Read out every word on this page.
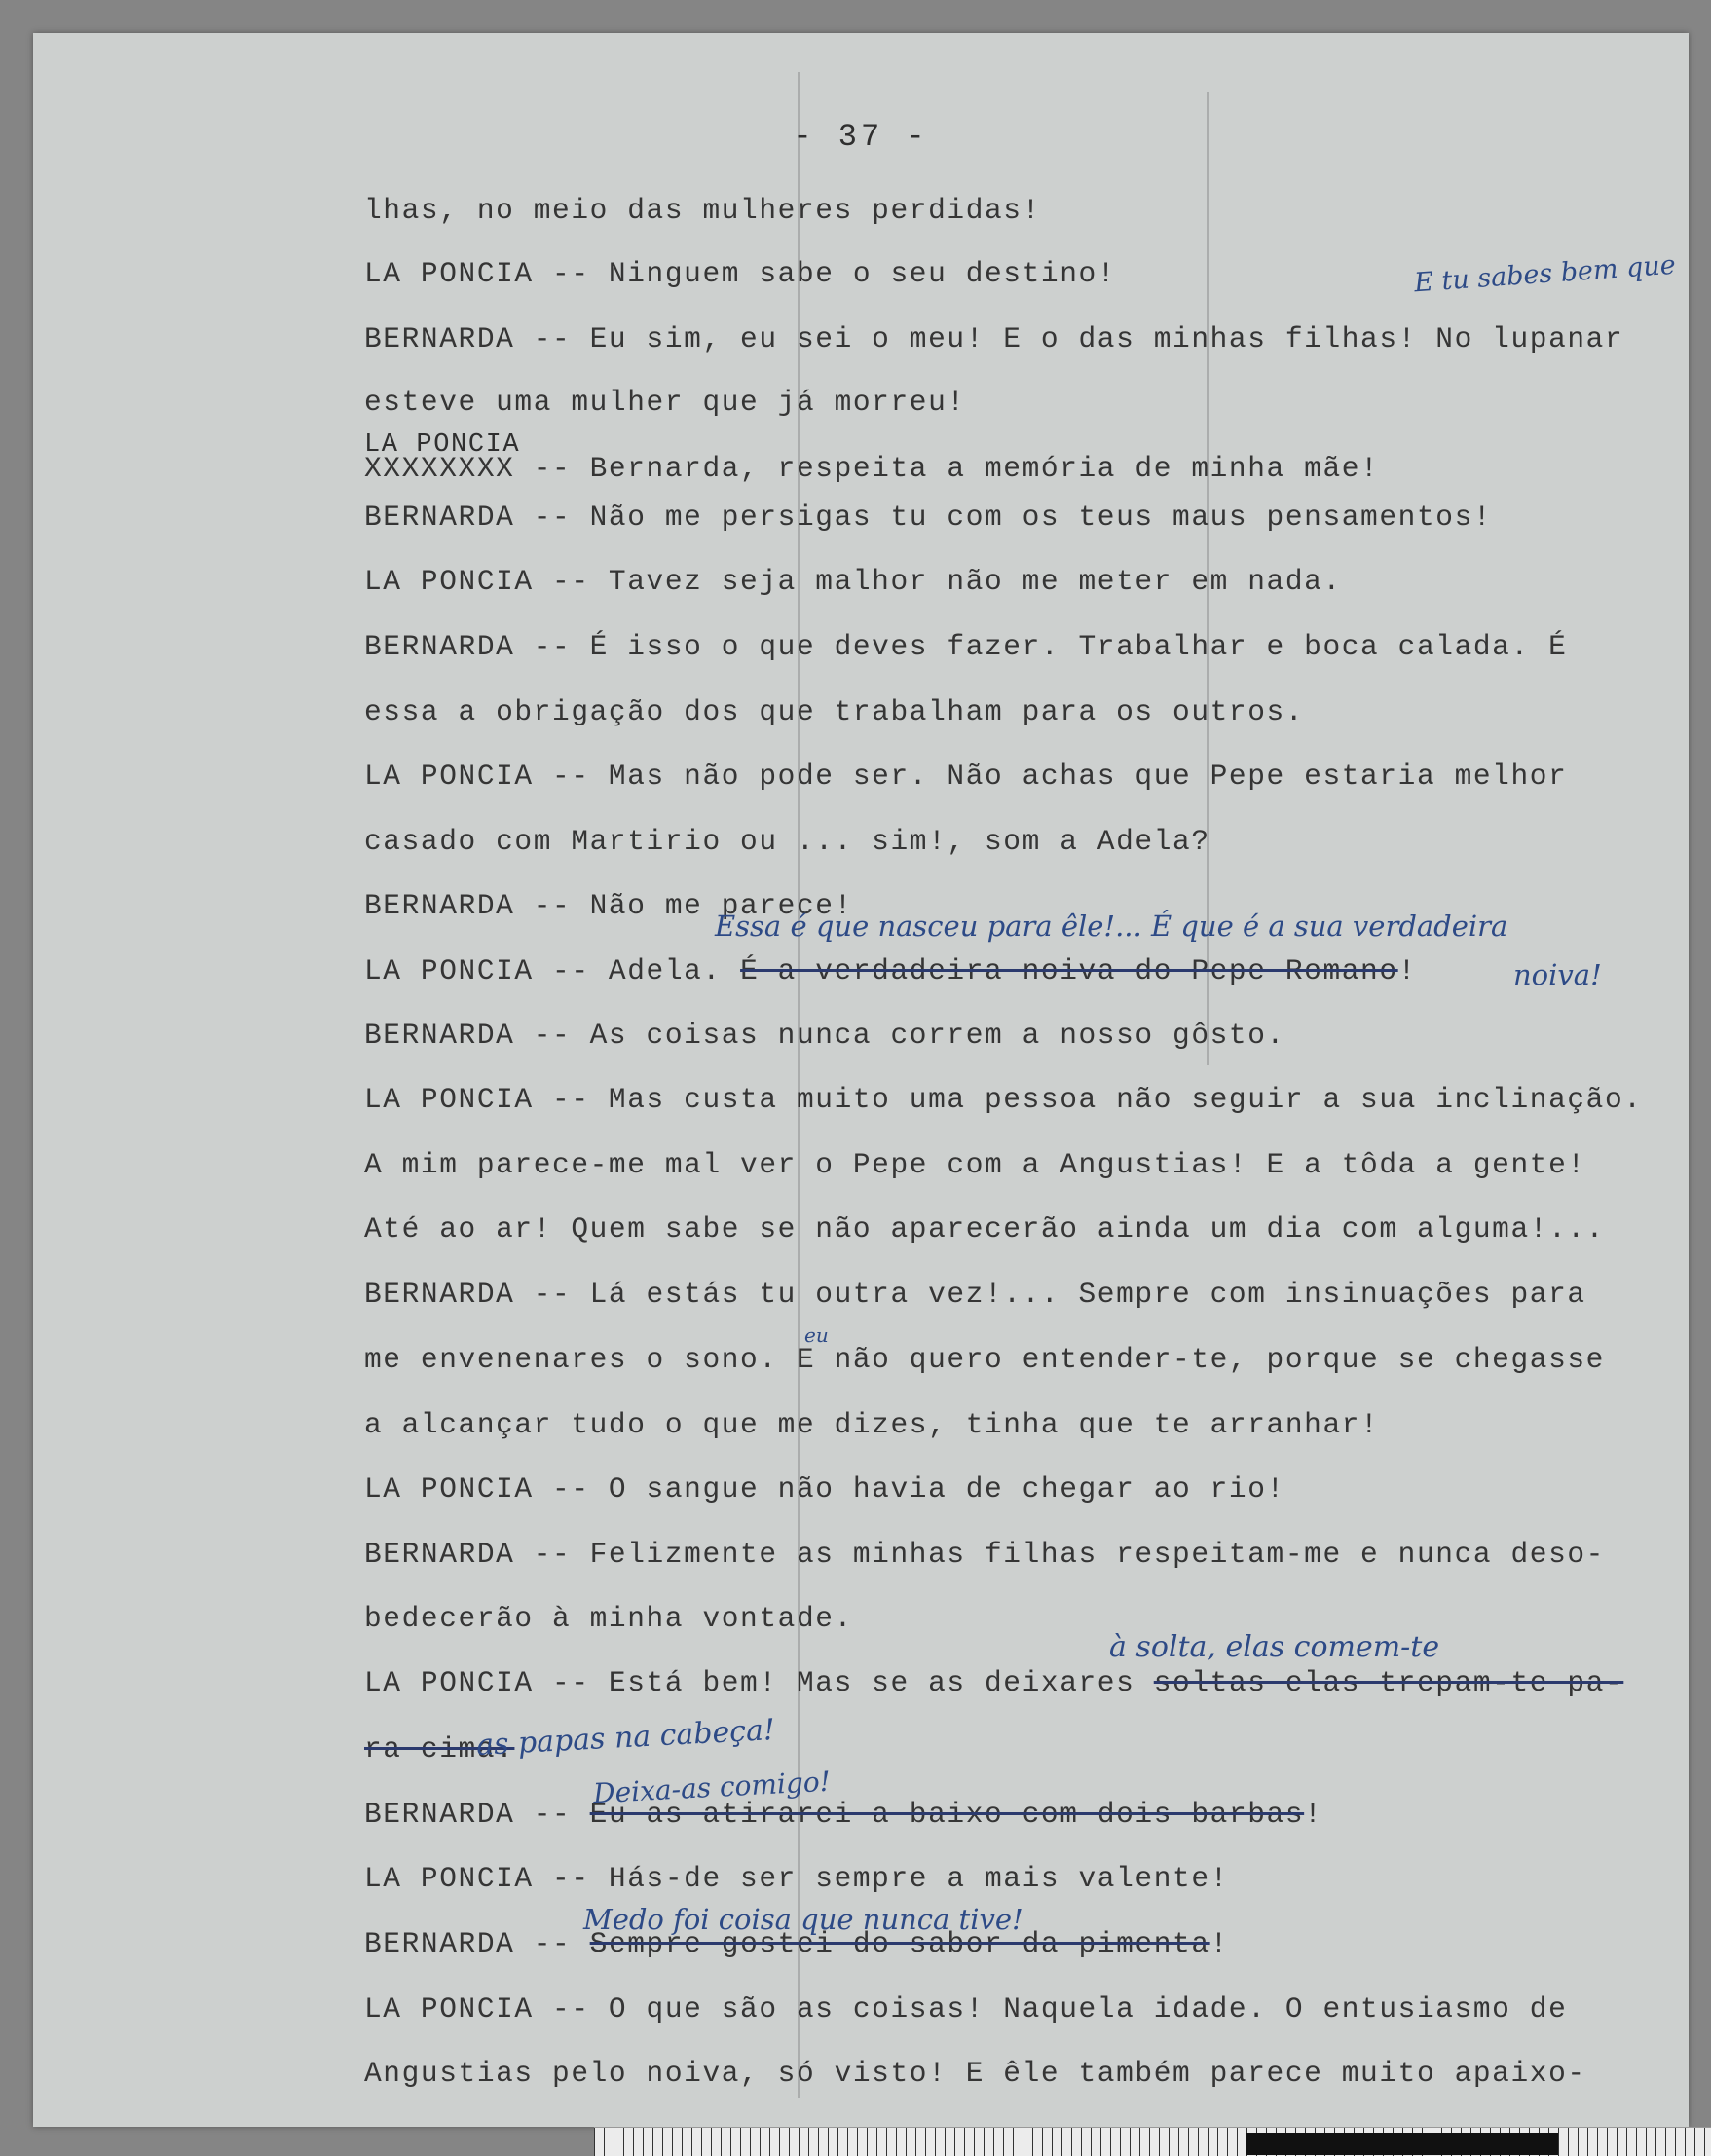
- 37 -
lhas, no meio das mulheres perdidas!
LA PONCIA -- Ninguem sabe o seu destino!
BERNARDA -- Eu sim, eu sei o meu! E o das minhas filhas! No lupanar
esteve uma mulher que já morreu!
XXXXXXXX -- Bernarda, respeita a memória de minha mãe!
BERNARDA -- Não me persigas tu com os teus maus pensamentos!
LA PONCIA -- Tavez seja malhor não me meter em nada.
BERNARDA -- É isso o que deves fazer. Trabalhar e boca calada. É
essa a obrigação dos que trabalham para os outros.
LA PONCIA -- Mas não pode ser. Não achas que Pepe estaria melhor
casado com Martirio ou ... sim!, som a Adela?
BERNARDA -- Não me parece!
LA PONCIA -- Adela. É a verdadeira noiva do Pepe Romano!
BERNARDA -- As coisas nunca correm a nosso gôsto.
LA PONCIA -- Mas custa muito uma pessoa não seguir a sua inclinação.
A mim parece-me mal ver o Pepe com a Angustias! E a tôda a gente!
Até ao ar! Quem sabe se não aparecerão ainda um dia com alguma!...
BERNARDA -- Lá estás tu outra vez!... Sempre com insinuações para
me envenenares o sono. E não quero entender-te, porque se chegasse
a alcançar tudo o que me dizes, tinha que te arranhar!
LA PONCIA -- O sangue não havia de chegar ao rio!
BERNARDA -- Felizmente as minhas filhas respeitam-me e nunca deso-
bedecerão à minha vontade.
LA PONCIA -- Está bem! Mas se as deixares soltas elas trepam-te pa-
ra cima.
BERNARDA -- Eu as atirarei a baixo com dois barbas!
LA PONCIA -- Hás-de ser sempre a mais valente!
BERNARDA -- Sempre gostei do sabor da pimenta!
LA PONCIA -- O que são as coisas! Naquela idade. O entusiasmo de
Angustias pelo noiva, só visto! E êle também parece muito apaixo-
E tu sabes bem que
LA PONCIA
Essa é que nasceu para êle!... É que é a sua verdadeira
noiva!
à solta, elas comem-te
as papas na cabeça!
Deixa-as comigo!
Medo foi coisa que nunca tive!
eu
